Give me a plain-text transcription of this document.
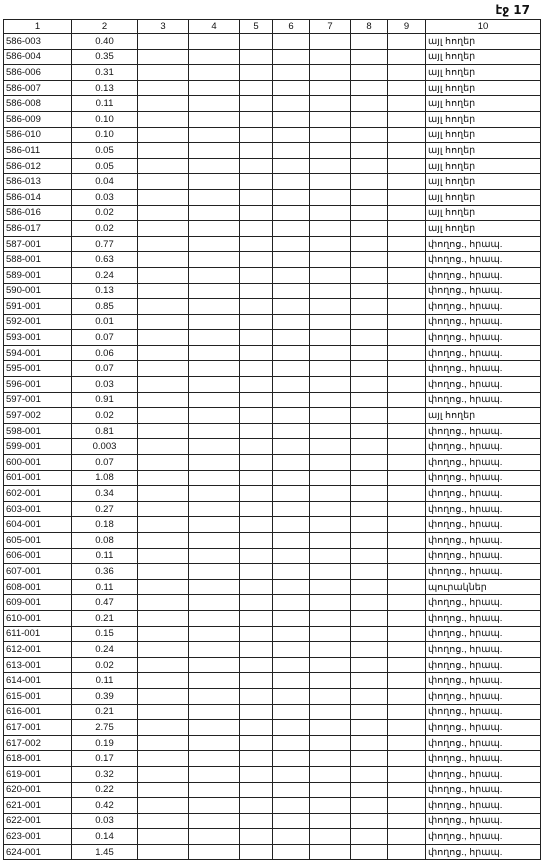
էջ 17
1	2	3	4	5	6	7	8	9	10
586-003	0.40								այլ հողեր
586-004	0.35								այլ հողեր
586-006	0.31								այլ հողեր
586-007	0.13								այլ հողեր
586-008	0.11								այլ հողեր
586-009	0.10								այլ հողեր
586-010	0.10								այլ հողեր
586-011	0.05								այլ հողեր
586-012	0.05								այլ հողեր
586-013	0.04								այլ հողեր
586-014	0.03								այլ հողեր
586-016	0.02								այլ հողեր
586-017	0.02								այլ հողեր
587-001	0.77								փողոց., հրապ.
588-001	0.63								փողոց., հրապ.
589-001	0.24								փողոց., հրապ.
590-001	0.13								փողոց., հրապ.
591-001	0.85								փողոց., հրապ.
592-001	0.01								փողոց., հրապ.
593-001	0.07								փողոց., հրապ.
594-001	0.06								փողոց., հրապ.
595-001	0.07								փողոց., հրապ.
596-001	0.03								փողոց., հրապ.
597-001	0.91								փողոց., հրապ.
597-002	0.02								այլ հողեր
598-001	0.81								փողոց., հրապ.
599-001	0.003								փողոց., հրապ.
600-001	0.07								փողոց., հրապ.
601-001	1.08								փողոց., հրապ.
602-001	0.34								փողոց., հրապ.
603-001	0.27								փողոց., հրապ.
604-001	0.18								փողոց., հրապ.
605-001	0.08								փողոց., հրապ.
606-001	0.11								փողոց., հրապ.
607-001	0.36								փողոց., հրապ.
608-001	0.11								պուրակներ
609-001	0.47								փողոց., հրապ.
610-001	0.21								փողոց., հրապ.
611-001	0.15								փողոց., հրապ.
612-001	0.24								փողոց., հրապ.
613-001	0.02								փողոց., հրապ.
614-001	0.11								փողոց., հրապ.
615-001	0.39								փողոց., հրապ.
616-001	0.21								փողոց., հրապ.
617-001	2.75								փողոց., հրապ.
617-002	0.19								փողոց., հրապ.
618-001	0.17								փողոց., հրապ.
619-001	0.32								փողոց., հրապ.
620-001	0.22								փողոց., հրապ.
621-001	0.42								փողոց., հրապ.
622-001	0.03								փողոց., հրապ.
623-001	0.14								փողոց., հրապ.
624-001	1.45								փողոց., հրապ.
